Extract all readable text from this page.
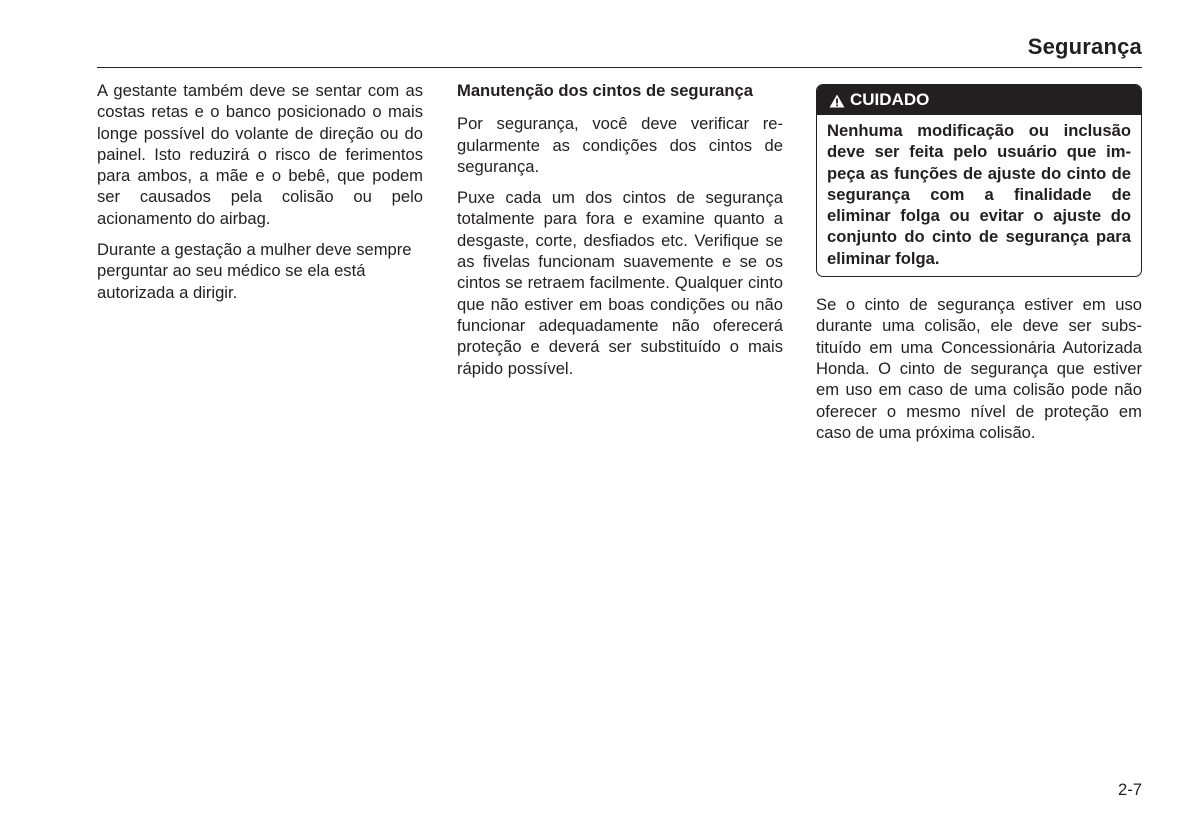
Segurança

A gestante também deve se sentar com as costas retas e o banco posicionado o mais longe possível do volante de direção ou do painel. Isto reduzirá o risco de ferimentos para ambos, a mãe e o bebê, que podem ser causados pela colisão ou pelo acionamento do airbag.

Durante a gestação a mulher deve sempre perguntar ao seu médico se ela está autorizada a dirigir.

Manutenção dos cintos de segurança

Por segurança, você deve verificar regularmente as condições dos cintos de segurança.

Puxe cada um dos cintos de segurança totalmente para fora e examine quanto a desgaste, corte, desfiados etc. Verifique se as fivelas funcionam suavemente e se os cintos se retraem facilmente. Qualquer cinto que não estiver em boas condições ou não funcionar adequadamente não oferecerá proteção e deverá ser substituído o mais rápido possível.

CUIDADO
Nenhuma modificação ou inclusão deve ser feita pelo usuário que impeça as funções de ajuste do cinto de segurança com a finalidade de eliminar folga ou evitar o ajuste do conjunto do cinto de segurança para eliminar folga.

Se o cinto de segurança estiver em uso durante uma colisão, ele deve ser substituído em uma Concessionária Autorizada Honda. O cinto de segurança que estiver em uso em caso de uma colisão pode não oferecer o mesmo nível de proteção em caso de uma próxima colisão.

2-7
